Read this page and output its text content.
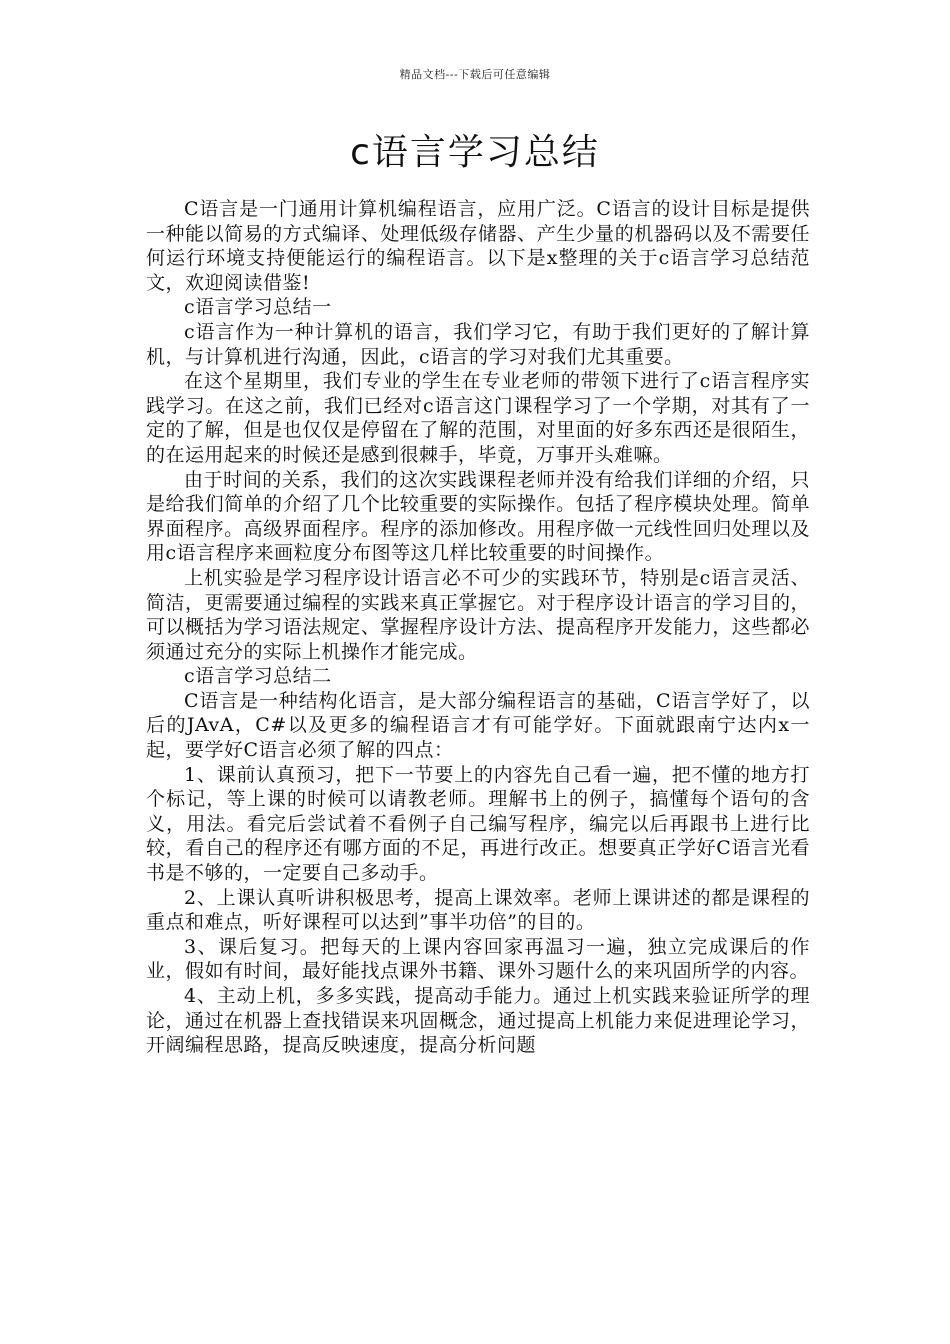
精品文档---下载后可任意编辑
c语言学习总结

C语言是一门通用计算机编程语言，应用广泛。C语言的设计目标是提供一种能以简易的方式编译、处理低级存储器、产生少量的机器码以及不需要任何运行环境支持便能运行的编程语言。以下是x整理的关于c语言学习总结范文，欢迎阅读借鉴!

c语言学习总结一

c语言作为一种计算机的语言，我们学习它，有助于我们更好的了解计算机，与计算机进行沟通，因此，c语言的学习对我们尤其重要。

在这个星期里，我们专业的学生在专业老师的带领下进行了c语言程序实践学习。在这之前，我们已经对c语言这门课程学习了一个学期，对其有了一定的了解，但是也仅仅是停留在了解的范围，对里面的好多东西还是很陌生，的在运用起来的时候还是感到很棘手，毕竟，万事开头难嘛。

由于时间的关系，我们的这次实践课程老师并没有给我们详细的介绍，只是给我们简单的介绍了几个比较重要的实际操作。包括了程序模块处理。简单界面程序。高级界面程序。程序的添加修改。用程序做一元线性回归处理以及用c语言程序来画粒度分布图等这几样比较重要的时间操作。

上机实验是学习程序设计语言必不可少的实践环节，特别是c语言灵活、简洁，更需要通过编程的实践来真正掌握它。对于程序设计语言的学习目的，可以概括为学习语法规定、掌握程序设计方法、提高程序开发能力，这些都必须通过充分的实际上机操作才能完成。

c语言学习总结二

C语言是一种结构化语言，是大部分编程语言的基础，C语言学好了，以后的JAvA，C#以及更多的编程语言才有可能学好。下面就跟南宁达内x一起，要学好C语言必须了解的四点：

1、课前认真预习，把下一节要上的内容先自己看一遍，把不懂的地方打个标记，等上课的时候可以请教老师。理解书上的例子，搞懂每个语句的含义，用法。看完后尝试着不看例子自己编写程序，编完以后再跟书上进行比较，看自己的程序还有哪方面的不足，再进行改正。想要真正学好C语言光看书是不够的，一定要自己多动手。

2、上课认真听讲积极思考，提高上课效率。老师上课讲述的都是课程的重点和难点，听好课程可以达到”事半功倍”的目的。

3、课后复习。把每天的上课内容回家再温习一遍，独立完成课后的作业，假如有时间，最好能找点课外书籍、课外习题什么的来巩固所学的内容。

4、主动上机，多多实践，提高动手能力。通过上机实践来验证所学的理论，通过在机器上查找错误来巩固概念，通过提高上机能力来促进理论学习，开阔编程思路，提高反映速度，提高分析问题
